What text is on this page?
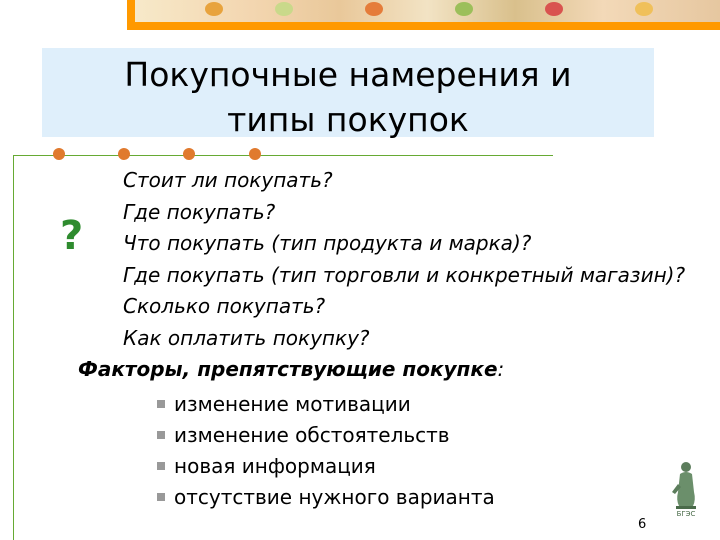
Покупочные намерения и
типы покупок
?
Стоит ли покупать?
Где покупать?
Что покупать (тип продукта и марка)?
Где покупать (тип торговли и конкретный магазин)?
Сколько покупать?
Как оплатить покупку?
Факторы, препятствующие покупке:
изменение мотивации
изменение обстоятельств
новая информация
отсутствие нужного варианта
БГЭС
6
